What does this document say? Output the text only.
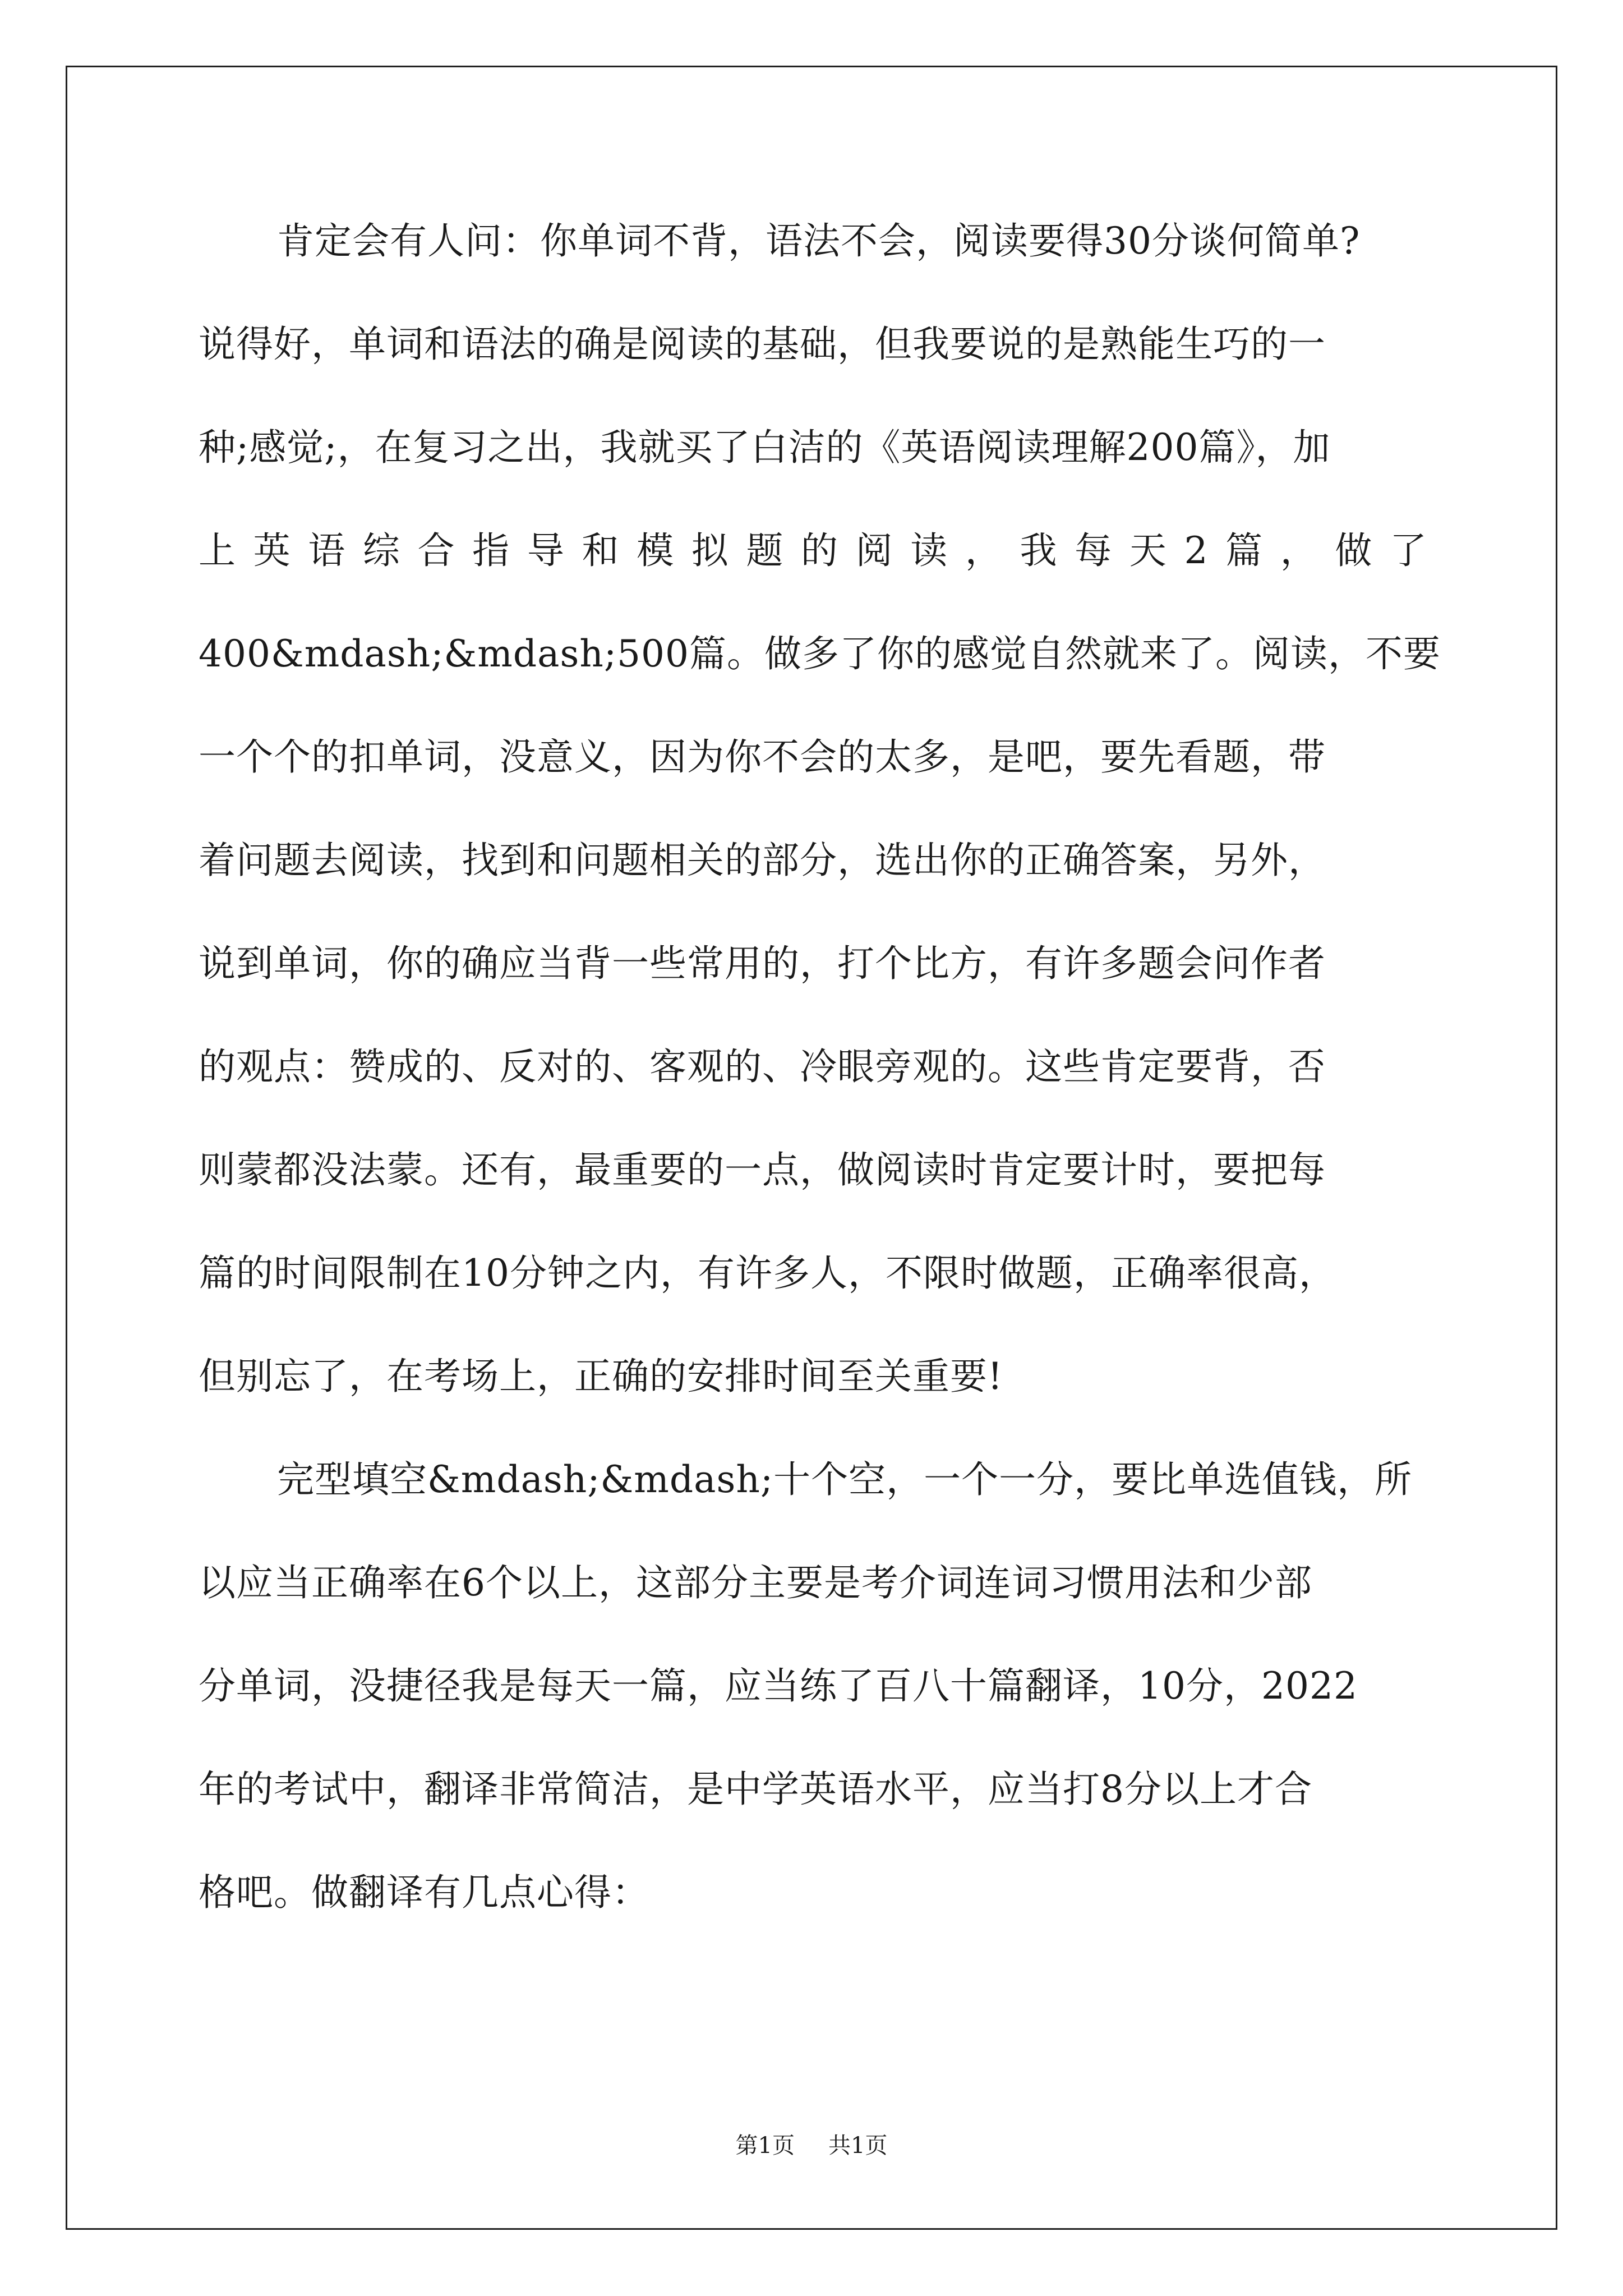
肯定会有人问：你单词不背，语法不会，阅读要得30分谈何简单?
说得好，单词和语法的确是阅读的基础，但我要说的是熟能生巧的一
种;感觉;，在复习之出，我就买了白洁的《英语阅读理解200篇》，加
上英语综合指导和模拟题的阅读，我每天2篇，做了
400&mdash;&mdash;500篇。做多了你的感觉自然就来了。阅读，不要
一个个的扣单词，没意义，因为你不会的太多，是吧，要先看题，带
着问题去阅读，找到和问题相关的部分，选出你的正确答案，另外，
说到单词，你的确应当背一些常用的，打个比方，有许多题会问作者
的观点：赞成的、反对的、客观的、冷眼旁观的。这些肯定要背，否
则蒙都没法蒙。还有，最重要的一点，做阅读时肯定要计时，要把每
篇的时间限制在10分钟之内，有许多人，不限时做题，正确率很高，
但别忘了，在考场上，正确的安排时间至关重要!
完型填空&mdash;&mdash;十个空，一个一分，要比单选值钱，所
以应当正确率在6个以上，这部分主要是考介词连词习惯用法和少部
分单词，没捷径我是每天一篇，应当练了百八十篇翻译，10分，2022
年的考试中，翻译非常简洁，是中学英语水平，应当打8分以上才合
格吧。做翻译有几点心得：
第1页 共1页
